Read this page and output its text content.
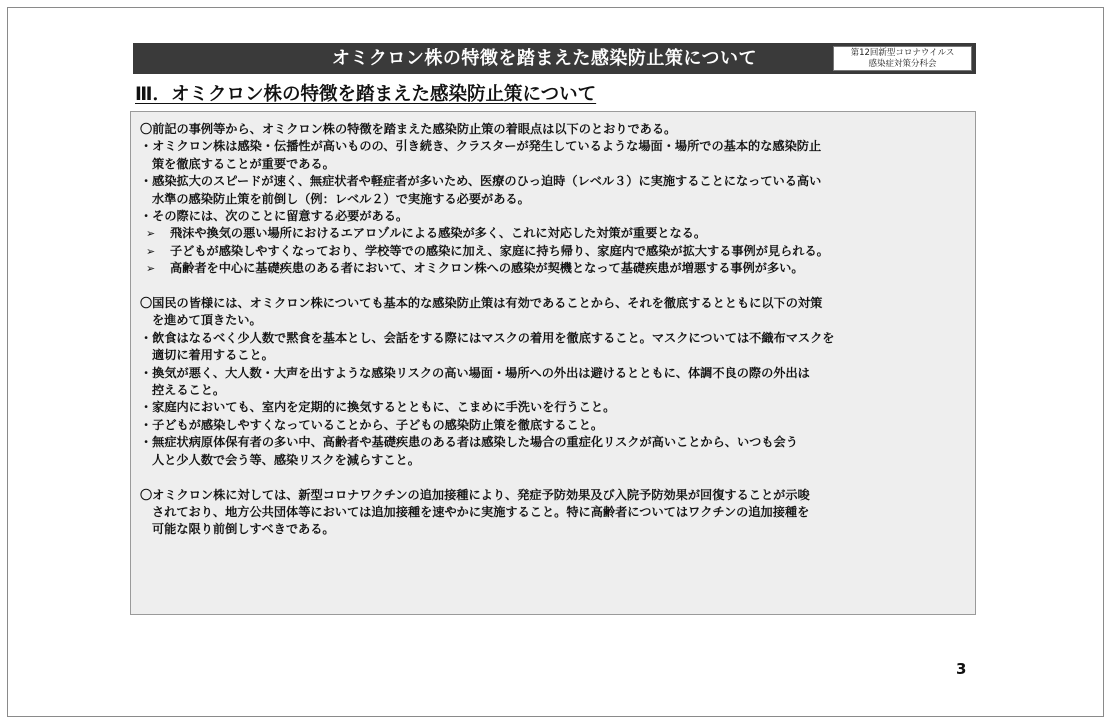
オミクロン株の特徴を踏まえた感染防止策について	第12回新型コロナウイルス
感染症対策分科会
Ⅲ．オミクロン株の特徴を踏まえた感染防止策について
〇前記の事例等から、オミクロン株の特徴を踏まえた感染防止策の着眼点は以下のとおりである。
・オミクロン株は感染・伝播性が高いものの、引き続き、クラスターが発生しているような場面・場所での基本的な感染防止
策を徹底することが重要である。
・感染拡大のスピードが速く、無症状者や軽症者が多いため、医療のひっ迫時（レベル３）に実施することになっている高い
水準の感染防止策を前倒し（例：レベル２）で実施する必要がある。
・その際には、次のことに留意する必要がある。
➢ 飛沫や換気の悪い場所におけるエアロゾルによる感染が多く、これに対応した対策が重要となる。
➢ 子どもが感染しやすくなっており、学校等での感染に加え、家庭に持ち帰り、家庭内で感染が拡大する事例が見られる。
➢ 高齢者を中心に基礎疾患のある者において、オミクロン株への感染が契機となって基礎疾患が増悪する事例が多い。
〇国民の皆様には、オミクロン株についても基本的な感染防止策は有効であることから、それを徹底するとともに以下の対策
を進めて頂きたい。
・飲食はなるべく少人数で黙食を基本とし、会話をする際にはマスクの着用を徹底すること。マスクについては不織布マスクを
適切に着用すること。
・換気が悪く、大人数・大声を出すような感染リスクの高い場面・場所への外出は避けるとともに、体調不良の際の外出は
控えること。
・家庭内においても、室内を定期的に換気するとともに、こまめに手洗いを行うこと。
・子どもが感染しやすくなっていることから、子どもの感染防止策を徹底すること。
・無症状病原体保有者の多い中、高齢者や基礎疾患のある者は感染した場合の重症化リスクが高いことから、いつも会う
人と少人数で会う等、感染リスクを減らすこと。
〇オミクロン株に対しては、新型コロナワクチンの追加接種により、発症予防効果及び入院予防効果が回復することが示唆
されており、地方公共団体等においては追加接種を速やかに実施すること。特に高齢者についてはワクチンの追加接種を
可能な限り前倒しすべきである。
3
